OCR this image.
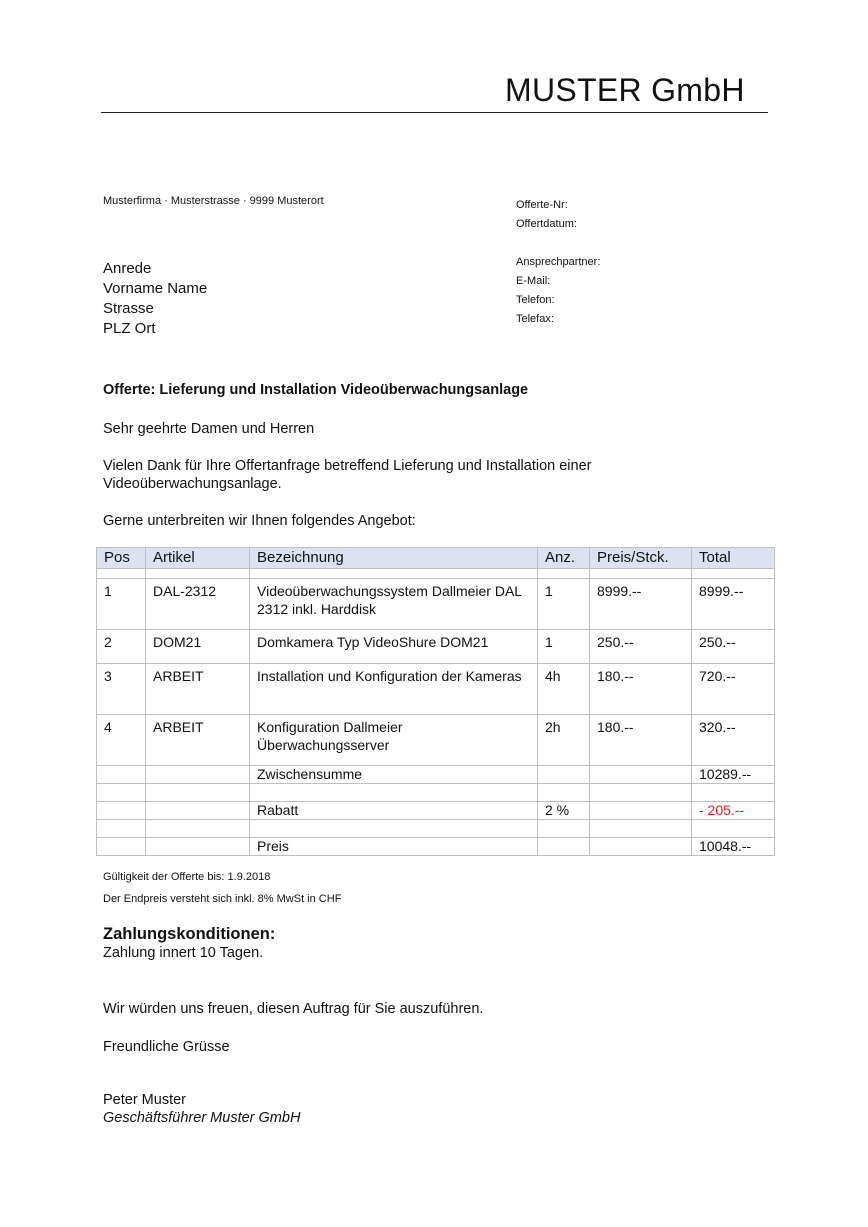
MUSTER GmbH
Musterfirma · Musterstrasse · 9999 Musterort	Offerte-Nr:
Offertdatum:
Ansprechpartner:
E-Mail:
Telefon:
Telefax:
Anrede
Vorname Name
Strasse
PLZ Ort
Offerte: Lieferung und Installation Videoüberwachungsanlage
Sehr geehrte Damen und Herren
Vielen Dank für Ihre Offertanfrage betreffend Lieferung und Installation einer Videoüberwachungsanlage.
Gerne unterbreiten wir Ihnen folgendes Angebot:
Pos	Artikel	Bezeichnung	Anz.	Preis/Stck.	Total

1	DAL-2312	Videoüberwachungssystem Dallmeier DAL 2312 inkl. Harddisk	1	8999.--	8999.--
2	DOM21	Domkamera Typ VideoShure DOM21	1	250.--	250.--
3	ARBEIT	Installation und Konfiguration der Kameras	4h	180.--	720.--
4	ARBEIT	Konfiguration Dallmeier Überwachungsserver	2h	180.--	320.--
		Zwischensumme			10289.--

		Rabatt	2 %		- 205.--

		Preis			10048.--
Gültigkeit der Offerte bis: 1.9.2018
Der Endpreis versteht sich inkl. 8% MwSt in CHF
Zahlungskonditionen:
Zahlung innert 10 Tagen.
Wir würden uns freuen, diesen Auftrag für Sie auszuführen.
Freundliche Grüsse
Peter Muster
Geschäftsführer Muster GmbH
